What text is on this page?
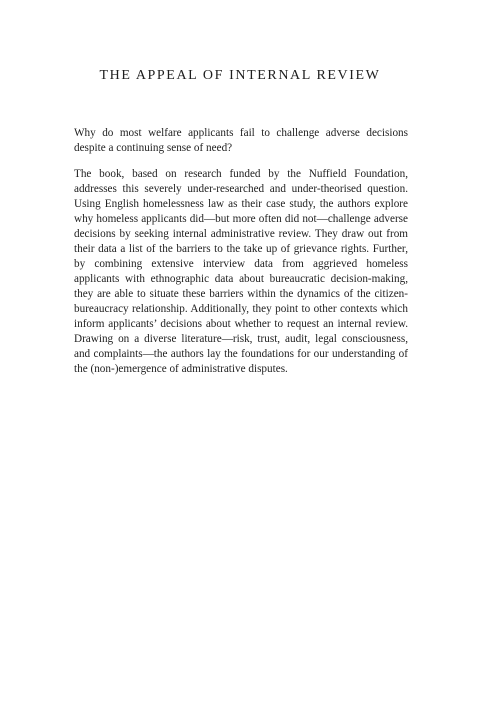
THE APPEAL OF INTERNAL REVIEW

Why do most welfare applicants fail to challenge adverse decisions despite a continuing sense of need?

The book, based on research funded by the Nuffield Foundation, addresses this severely under-researched and under-theorised question. Using English homelessness law as their case study, the authors explore why homeless applicants did—but more often did not—challenge adverse decisions by seeking internal administrative review. They draw out from their data a list of the barriers to the take up of grievance rights. Further, by combining extensive interview data from aggrieved homeless applicants with ethnographic data about bureaucratic decision-making, they are able to situate these barriers within the dynamics of the citizen-bureaucracy relationship. Additionally, they point to other contexts which inform applicants’ decisions about whether to request an internal review. Drawing on a diverse literature—risk, trust, audit, legal consciousness, and complaints—the authors lay the foundations for our understanding of the (non-)emergence of administrative disputes.
